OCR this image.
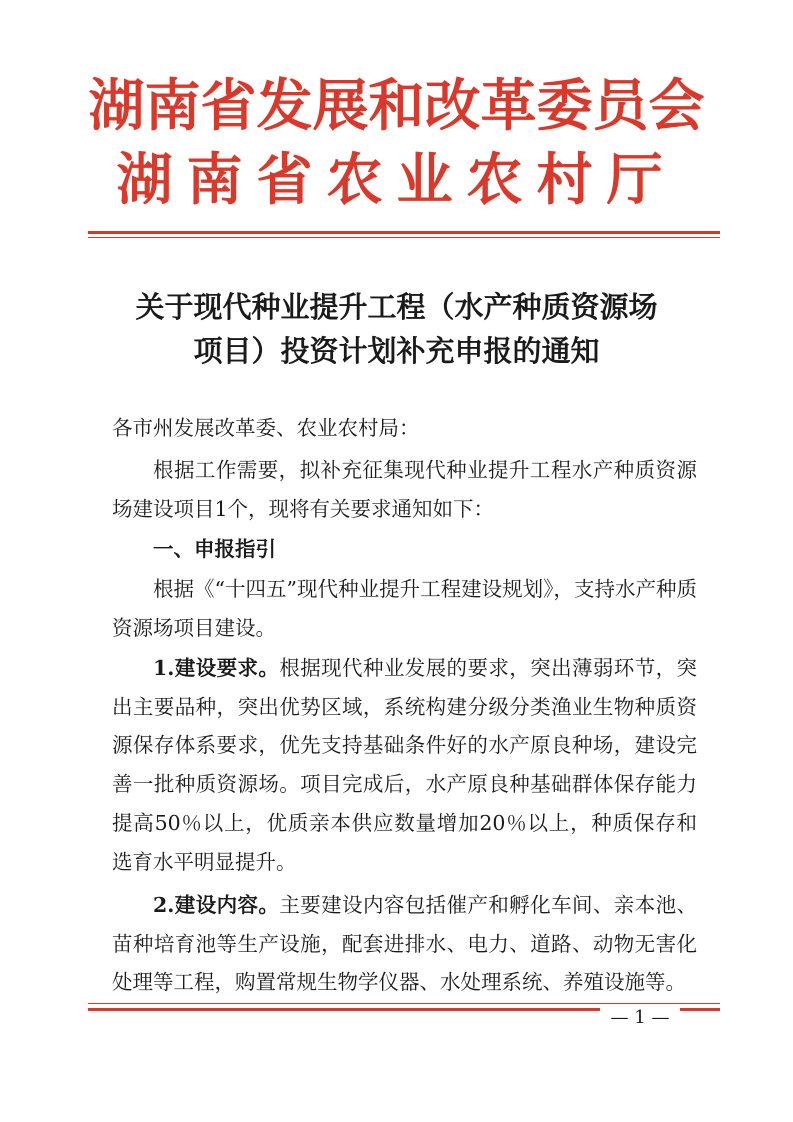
湖南省发展和改革委员会
湖南省农业农村厅
关于现代种业提升工程（水产种质资源场
项目）投资计划补充申报的通知
各市州发展改革委、农业农村局：
根据工作需要，拟补充征集现代种业提升工程水产种质资源场建设项目1个，现将有关要求通知如下：
一、申报指引
根据《“十四五”现代种业提升工程建设规划》，支持水产种质资源场项目建设。
1.建设要求。根据现代种业发展的要求，突出薄弱环节，突出主要品种，突出优势区域，系统构建分级分类渔业生物种质资源保存体系要求，优先支持基础条件好的水产原良种场，建设完善一批种质资源场。项目完成后，水产原良种基础群体保存能力提高50％以上，优质亲本供应数量增加20％以上，种质保存和选育水平明显提升。
2.建设内容。主要建设内容包括催产和孵化车间、亲本池、苗种培育池等生产设施，配套进排水、电力、道路、动物无害化处理等工程，购置常规生物学仪器、水处理系统、养殖设施等。
— 1 —
